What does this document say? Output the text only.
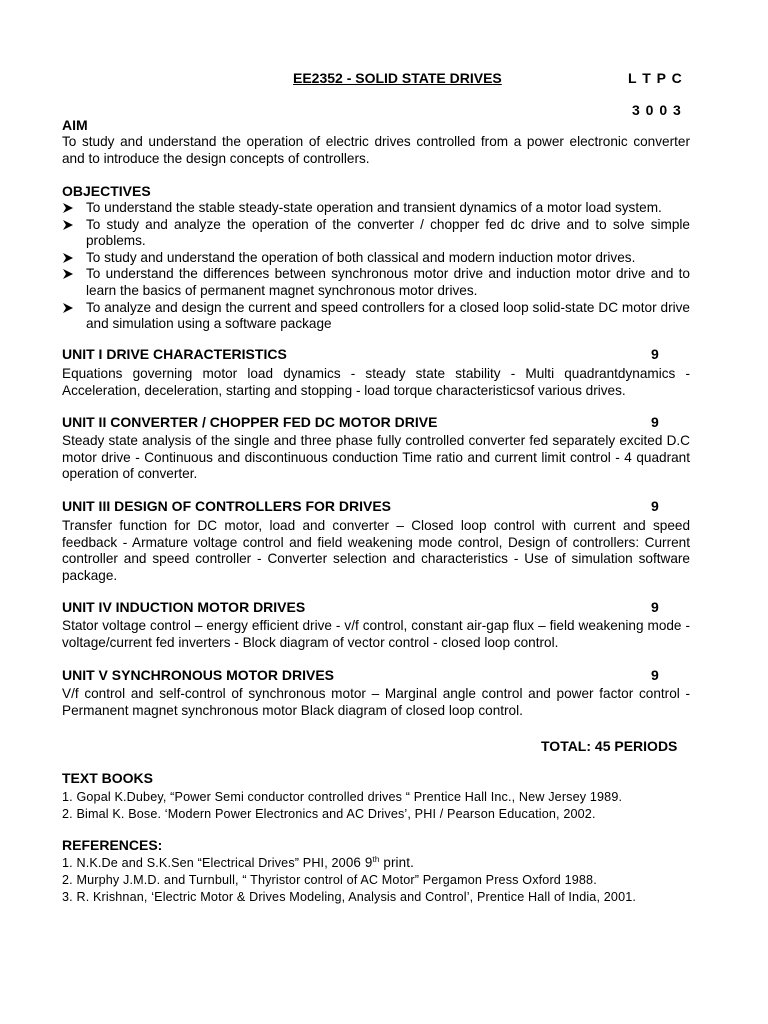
EE2352 - SOLID STATE DRIVES	L T P C
3 0 0 3
AIM
To study and understand the operation of electric drives controlled from a power electronic converter and to introduce the design concepts of controllers.
OBJECTIVES
To understand the stable steady-state operation and transient dynamics of a motor load system.
To study and analyze the operation of the converter / chopper fed dc drive and to solve simple problems.
To study and understand the operation of both classical and modern induction motor drives.
To understand the differences between synchronous motor drive and induction motor drive and to learn the basics of permanent magnet synchronous motor drives.
To analyze and design the current and speed controllers for a closed loop solid-state DC motor drive and simulation using a software package
UNIT I DRIVE CHARACTERISTICS	9
Equations governing motor load dynamics - steady state stability - Multi quadrantdynamics - Acceleration, deceleration, starting and stopping - load torque characteristicsof various drives.
UNIT II CONVERTER / CHOPPER FED DC MOTOR DRIVE	9
Steady state analysis of the single and three phase fully controlled converter fed separately excited D.C motor drive - Continuous and discontinuous conduction Time ratio and current limit control - 4 quadrant operation of converter.
UNIT III DESIGN OF CONTROLLERS FOR DRIVES	9
Transfer function for DC motor, load and converter – Closed loop control with current and speed feedback - Armature voltage control and field weakening mode control, Design of controllers: Current controller and speed controller - Converter selection and characteristics - Use of simulation software package.
UNIT IV INDUCTION MOTOR DRIVES	9
Stator voltage control – energy efficient drive - v/f control, constant air-gap flux – field weakening mode - voltage/current fed inverters - Block diagram of vector control - closed loop control.
UNIT V SYNCHRONOUS MOTOR DRIVES	9
V/f control and self-control of synchronous motor – Marginal angle control and power factor control - Permanent magnet synchronous motor Black diagram of closed loop control.
TOTAL: 45 PERIODS
TEXT BOOKS
1. Gopal K.Dubey, “Power Semi conductor controlled drives “ Prentice Hall Inc., New Jersey 1989.
2. Bimal K. Bose. ‘Modern Power Electronics and AC Drives’, PHI / Pearson Education, 2002.
REFERENCES:
1. N.K.De and S.K.Sen “Electrical Drives” PHI, 2006 9th print.
2. Murphy J.M.D. and Turnbull, “ Thyristor control of AC Motor” Pergamon Press Oxford 1988.
3. R. Krishnan, ‘Electric Motor & Drives Modeling, Analysis and Control’, Prentice Hall of India, 2001.
